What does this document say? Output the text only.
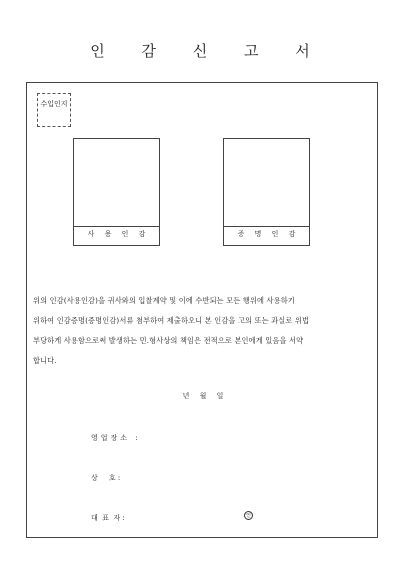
인 감 신 고 서
수입인지
사 용 인 감	증 명 인 감

위의 인감(사용인감)을 귀사와의 입찰계약 및 이에 수반되는 모든 행위에 사용하기

위하여 인감증명(증명인감)서류 첨부하여 제출하오니 본 인감을 고의 또는 과실로 위법

부당하게 사용함으로써 발생하는 민.형사상의 책임은 전적으로 본인에게 있음을 서약

합니다.

년 월 일
영업장소 :
상     호 :
대  표  자 :	인
